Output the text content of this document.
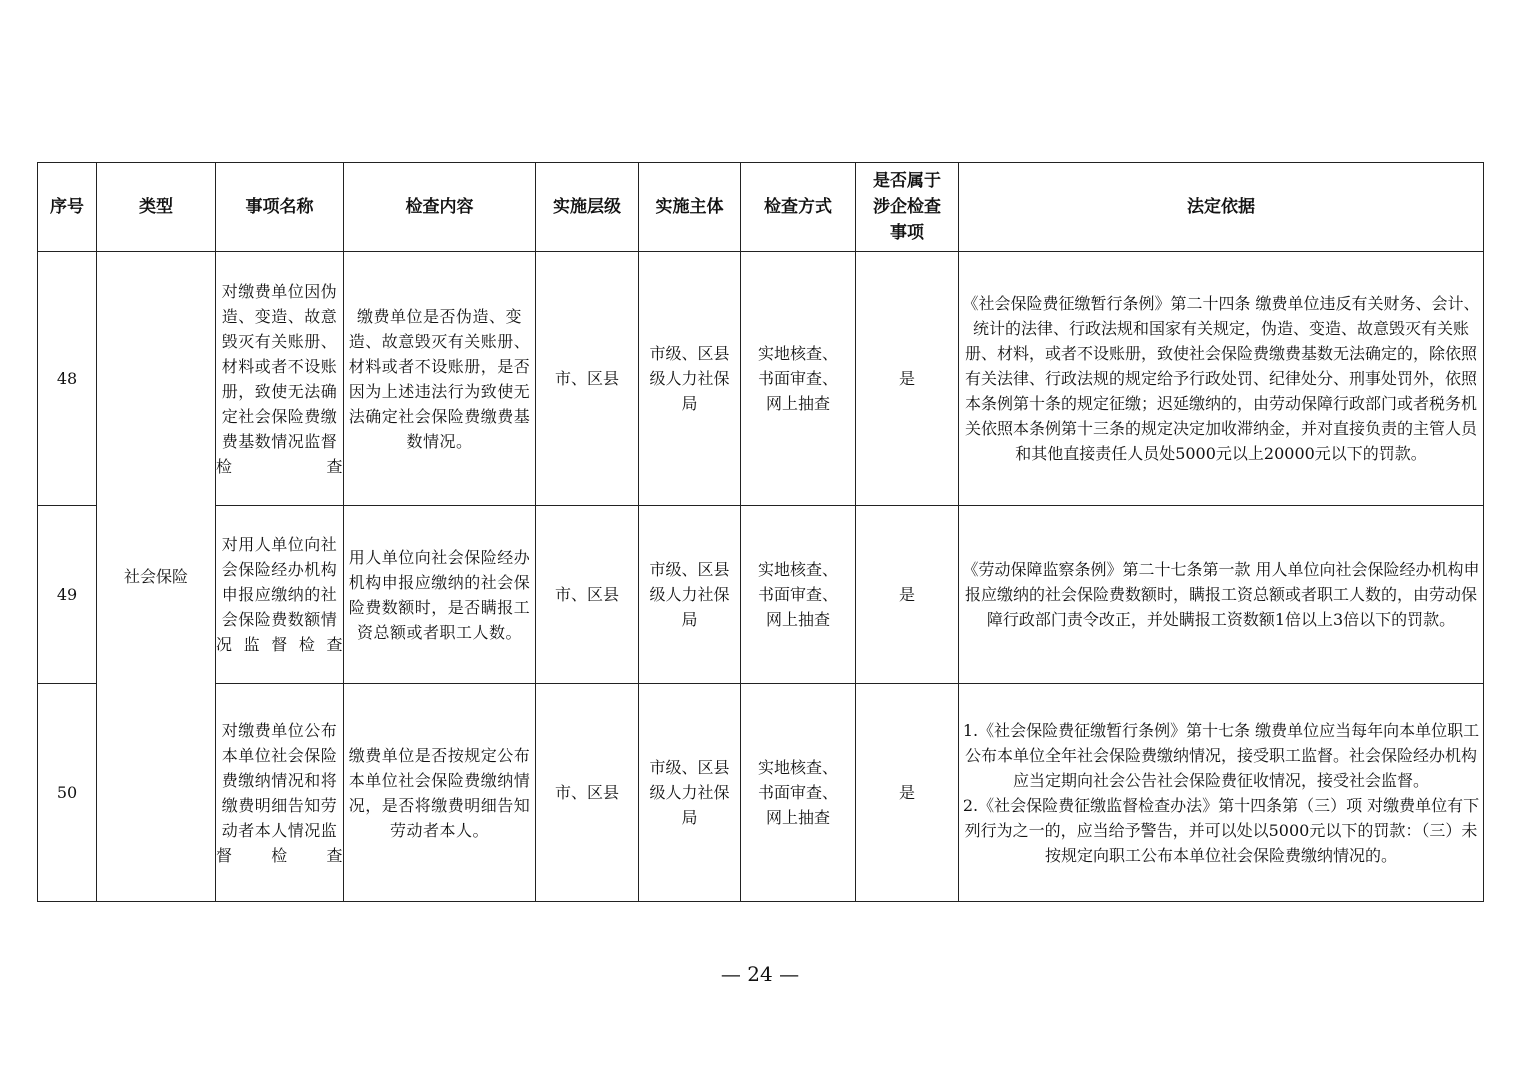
序号	类型	事项名称	检查内容	实施层级	实施主体	检查方式	是否属于涉企检查事项	法定依据
48	社会保险	对缴费单位因伪造、变造、故意毁灭有关账册、材料或者不设账册，致使无法确定社会保险费缴费基数情况监督检查	缴费单位是否伪造、变造、故意毁灭有关账册、材料或者不设账册，是否因为上述违法行为致使无法确定社会保险费缴费基数情况。	市、区县	市级、区县级人力社保局	实地核查、书面审查、网上抽查	是	《社会保险费征缴暂行条例》第二十四条 缴费单位违反有关财务、会计、统计的法律、行政法规和国家有关规定，伪造、变造、故意毁灭有关账册、材料，或者不设账册，致使社会保险费缴费基数无法确定的，除依照有关法律、行政法规的规定给予行政处罚、纪律处分、刑事处罚外，依照本条例第十条的规定征缴；迟延缴纳的，由劳动保障行政部门或者税务机关依照本条例第十三条的规定决定加收滞纳金，并对直接负责的主管人员和其他直接责任人员处5000元以上20000元以下的罚款。

49		对用人单位向社会保险经办机构申报应缴纳的社会保险费数额情况监督检查	用人单位向社会保险经办机构申报应缴纳的社会保险费数额时，是否瞒报工资总额或者职工人数。	市、区县	市级、区县级人力社保局	实地核查、书面审查、网上抽查	是	《劳动保障监察条例》第二十七条第一款 用人单位向社会保险经办机构申报应缴纳的社会保险费数额时，瞒报工资总额或者职工人数的，由劳动保障行政部门责令改正，并处瞒报工资数额1倍以上3倍以下的罚款。

50		对缴费单位公布本单位社会保险费缴纳情况和将缴费明细告知劳动者本人情况监督检查	缴费单位是否按规定公布本单位社会保险费缴纳情况，是否将缴费明细告知劳动者本人。	市、区县	市级、区县级人力社保局	实地核查、书面审查、网上抽查	是	1.《社会保险费征缴暂行条例》第十七条 缴费单位应当每年向本单位职工公布本单位全年社会保险费缴纳情况，接受职工监督。社会保险经办机构应当定期向社会公告社会保险费征收情况，接受社会监督。
2.《社会保险费征缴监督检查办法》第十四条第（三）项 对缴费单位有下列行为之一的，应当给予警告，并可以处以5000元以下的罚款：（三）未按规定向职工公布本单位社会保险费缴纳情况的。
— 24 —
